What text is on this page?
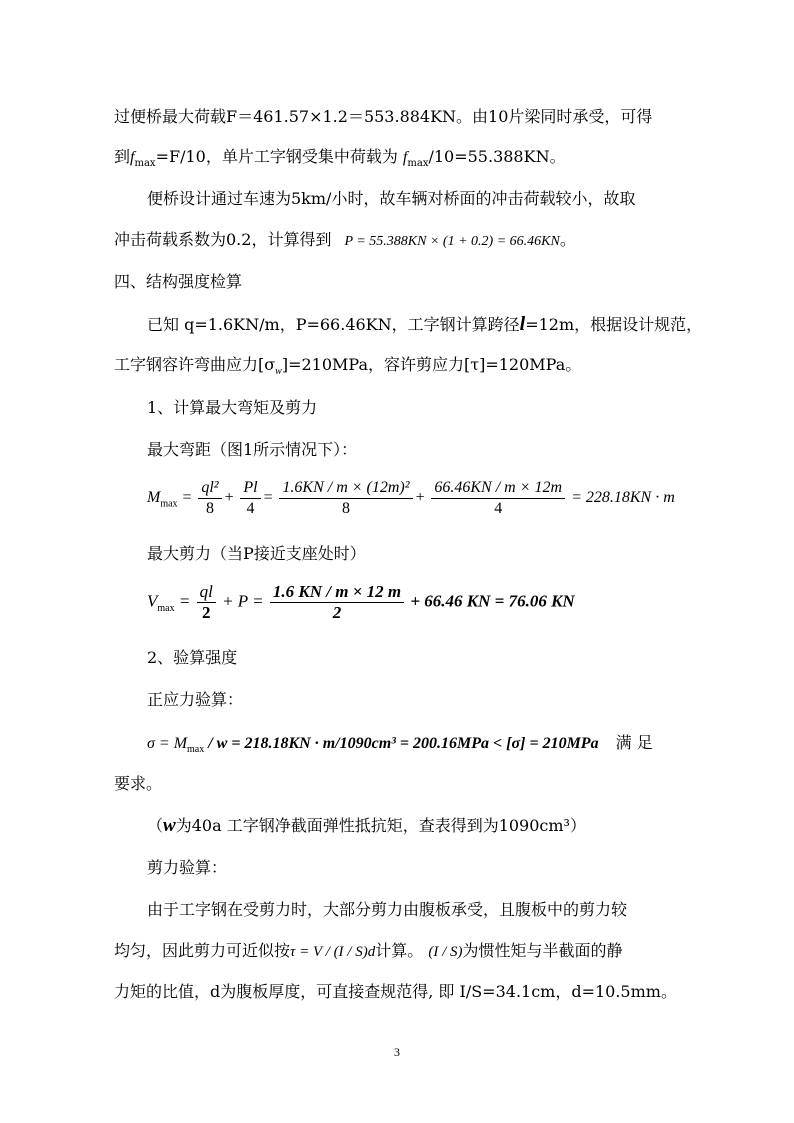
过便桥最大荷载F＝461.57×1.2＝553.884KN。由10片梁同时承受，可得
到$f_{max}=F/10$，单片工字钢受集中荷载为 $f_{max}/10=55.388KN$。
便桥设计通过车速为5km/小时，故车辆对桥面的冲击荷载较小，故取
冲击荷载系数为0.2，计算得到 P = 55.388KN × (1 + 0.2) = 66.46KN。
四、结构强度检算
已知 q=1.6KN/m，P=66.46KN，工字钢计算跨径l=12m，根据设计规范，
工字钢容许弯曲应力$[\sigma_w]=210MPa$，容许剪应力[τ]=120MPa。
1、计算最大弯矩及剪力
最大弯距（图1所示情况下）：
$M_{max} = \frac{\text{ql²}}{8} + \frac{Pl}{4} = \frac{\text{1.6KN / m × (12m)²}}{8} + \frac{66.46KN / m \times 12m}{4} = 228.18KN \cdot m$
最大剪力（当P接近支座处时）
$V_{max} = \frac{ql}{2} + P = \frac{1.6 KN / m \times 12 m}{2} + 66.46$ KN = 76.06 KN
2、验算强度
正应力验算：
$\sigma = M_{max} / w = 218.18KN \cdot m/1090cm^3 = 200.16MPa < [\sigma] = 210MPa$ 满 足
要求。
（w为40a 工字钢净截面弹性抵抗矩，查表得到为1090cm³）
剪力验算：
由于工字钢在受剪力时，大部分剪力由腹板承受，且腹板中的剪力较
均匀，因此剪力可近似按τ = V / (I / S)d计算。 (I / S)为惯性矩与半截面的静
力矩的比值，d为腹板厚度，可直接查规范得, 即 I/S=34.1cm，d=10.5mm。
3
